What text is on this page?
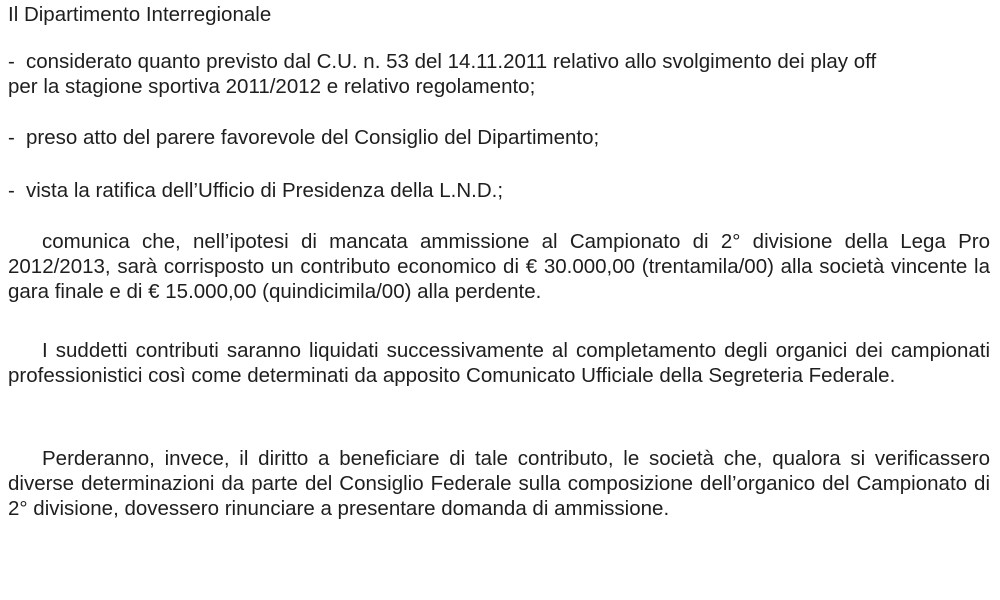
Il Dipartimento Interregionale
- considerato quanto previsto dal C.U. n. 53 del 14.11.2011 relativo allo svolgimento dei play off
per la stagione sportiva 2011/2012 e relativo regolamento;
- preso atto del parere favorevole del Consiglio del Dipartimento;
- vista la ratifica dell’Ufficio di Presidenza della L.N.D.;

comunica che, nell’ipotesi di mancata ammissione al Campionato di 2° divisione della Lega Pro 2012/2013, sarà corrisposto un contributo economico di € 30.000,00 (trentamila/00) alla società vincente la gara finale e di € 15.000,00 (quindicimila/00) alla perdente.

I suddetti contributi saranno liquidati successivamente al completamento degli organici dei campionati professionistici così come determinati da apposito Comunicato Ufficiale della Segreteria Federale.

Perderanno, invece, il diritto a beneficiare di tale contributo, le società che, qualora si verificassero diverse determinazioni da parte del Consiglio Federale sulla composizione dell’organico del Campionato di 2° divisione, dovessero rinunciare a presentare domanda di ammissione.
